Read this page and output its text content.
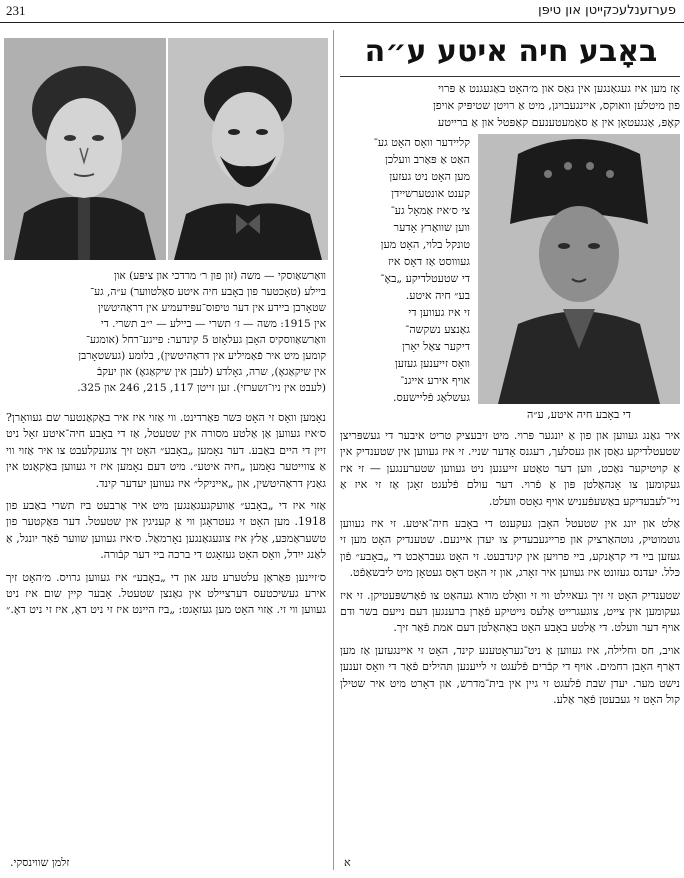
231	פערזענלעכקייטן און טיפּן
וואַרשאַוסקי — משה (זון פון ר׳ מרדכי און ציפּע) און
ביילע (טאָכטער פון באָבע חיה איטע סאַלטווער) ע״ה, גע־
שטאָרבן ביידע אין דער טיפוס־עפּידעמיע אין דראַהיטשין
אין 1915: משה — ז׳ תשרי — ביילע — י״ב תשרי. די
וואַרשאַווסקיס האָבן געלאָזט 5 קינדער: פייגע־רחל (אומגע־
קומען מיט איר פֿאַמיליע אין דראַהיטשין), בלומע (געשטאָרבן
אין שיקאַגאָ), שרה, גאָלדע (לעבן אין שיקאַגאָ) און יעקבֿ
(לעבט אין ניו־זשערזי). זען זייטן 117, 215, 246 און 325.

נאָמען וואָס זי האָט כּשר פאַרדינט. ווי אַזוי איז איר באַקאַנטער שם געוואָרן? ס׳איז געווען אַן אַלטע מסורה אין שטעטל, אַז די באָבע חיה־איטע זאָל ניט זיין די היים באַבע. דער נאָמען „באָבע״ האָט זיך צוגעקלעבט צו איר אַזוי ווי אַ צווייטער נאָמען „חיה איטע״. מיט דעם נאָמען איז זי געווען באַקאַנט אין גאַנץ דראַהיטשין, און „אייניקל״ איז געווען יעדער קינד.

אַזוי איז די „באָבע״ אַוועקגעגאַנגען מיט איר אַרבעט ביז תשרי באַבע פון 1918. מען האָט זי געטראָגן ווי אַ קעניגין אין שטעטל. דער פאַקטער פון טשעראַמכּע, אַלץ איז צוגעגאַנגען נאָרמאַל. ס׳איז געווען שווער פֿאַר יונגל, אַ לאַנג ייִדל, וואָס האָט געזאָגט די ברכה ביי דער קבֿורה.

ס׳זיינען פאַראַן עלטערע טעג און די „באָבע״ איז געווען גרויס. מ׳האָט זיך אירע געשיכטעס דערציילט אין גאַנצן שטעטל. אָבער קיין שום איז ניט געווען ווי זי. אַזוי האָט מען געזאָגט: „ביז היינט איז זי ניט דאָ, איז זי ניט דאָ.״

זלמן שווינסקי.
באָבע חיה איטע ע״ה
אָז מען איז געגאַנגען אין גאַס און מ׳האָט באַגעגנט אַ פּרוי
פון מיטלען וואוקס, איינגעבויגן, מיט אַ רויטן שטיפּיק אויפן
קאָפּ, אַנגעטאָן אין אַ סאַמעטענעם קאַפּטל און אַ ברייטע
קליידער וואָס האָט גע־
האַט אַ פּאַרב וועלכן
מען האָט ניט געזען
קענט אונטערשיידן
צי ס׳איז אַמאָל גע־
ווען שוואַרץ אָדער
טונקל בלוי, האָט מען
געוווסט אַז דאָס איז
די שטעטלדיקע „באָ־
בע״ חיה איטע.
זי איז געווען די
גאַנצע נשקשה־
דיקער צאַל יאָרן
וואָס זייענען געזען
אויף אירע אייגנ־
געשלאַג פֿליישעס.
די באָבע חיה איטע, ע״ה

איר גאַנג געווען און פון אַ יונגער פּרוי. מיט זיבעציק טריט איבער די געשפּריצן שטעטלדיקע גאַסן און געסלעך, רעגנס אָדער שניי. זי איז געווען אין שטענדיק אין אַ קויטיקער נאַכט, ווען דער טאַטע זייענען ניט געווען שטערענגען — זי איז געקומען צו אָנהאַלטן פּון אַ פֿרוי. דער עולם פֿלעגט זאָגן אַז זי איז אַ ניי־לעבעדיקע באַשעפֿעניש אויף גאָטס וועלט.

אַלט און יונג אין שטעטל האָבן געקענט די באָבע חיה־איטע. זי איז געווען גוטמוטיק, גוטהאַרציק און פרייגעבעדיק צו יעדן איינעם. שטענדיק האָט מען זי געזען ביי די קראַנקע, ביי פרויען אין קינדבעט. זי האָט געבראַכט די „באָבע״ פֿון כּלל. יעדנס געזונט איז געווען איר זאָרג, און זי האָט דאָס געטאָן מיט ליבשאַפֿט.

שטענדיק האָט זי זיך געאײַלט ווי זי וואָלט מורא געהאַט צו פֿאַרשפּעטיקן. זי איז געקומען אין צייט, צוגעגרייט אַלעס נייטיקע פֿאַרן ברענגען דעם נייעם בשר ודם אויף דער וועלט. די אַלטע באָבע האָט באַהאַלטן דעם אמת פֿאַר זיך.

אויב, חס וחלילה, איז געווען אַ ניט־געראָטענע קינד, האָט זי איינגעזען אַז מען דאַרף האָבן רחמים. אויף די קבֿרים פֿלעגט זי לייענען תּהילים פֿאַר די וואָס זענען נישט מער. יעדן שבת פֿלעגט זי גיין אין בית־מדרש, און דאָרט מיט איר שטילן קול האָט זי געבעטן פֿאַר אַלע.

א
